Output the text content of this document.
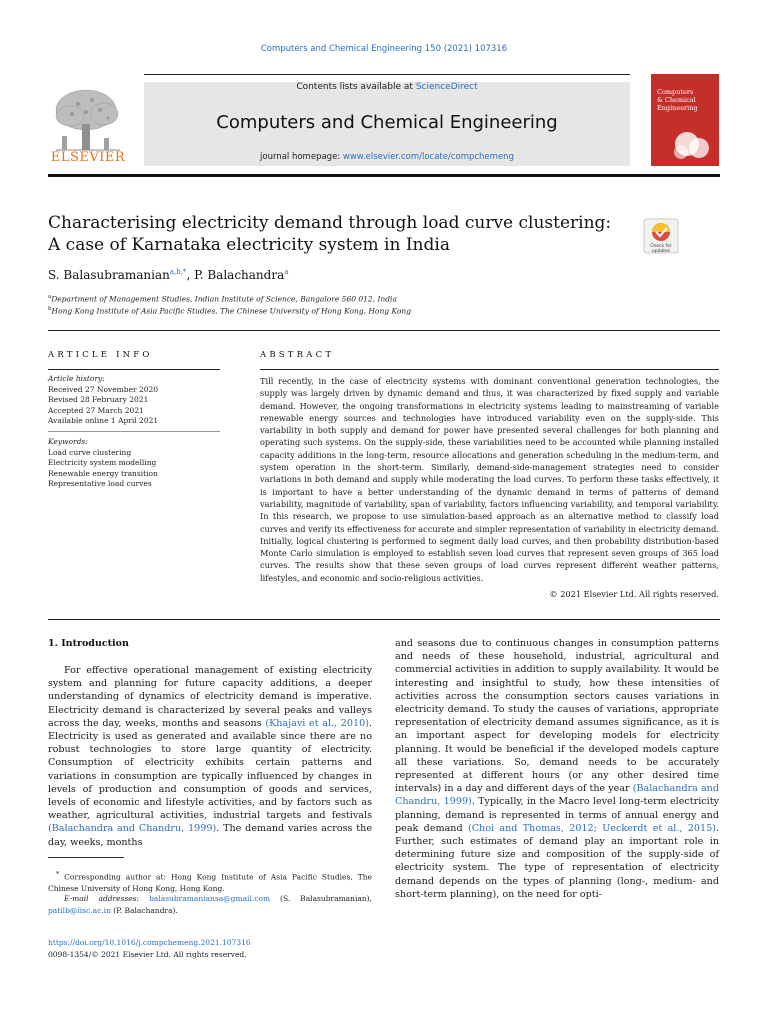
Computers and Chemical Engineering 150 (2021) 107316
Contents lists available at ScienceDirect
Computers and Chemical Engineering
journal homepage: www.elsevier.com/locate/compchemeng
ELSEVIER
Computers
& Chemical
Engineering
Characterising electricity demand through load curve clustering: A case of Karnataka electricity system in India	Check for
updates
S. Balasubramanian$^{a,b,*}$, P. Balachandra$^a$
$^a$Department of Management Studies, Indian Institute of Science, Bangalore 560 012, India
$^b$Hong Kong Institute of Asia Pacific Studies, The Chinese University of Hong Kong, Hong Kong
ARTICLE INFO
Article history:
Received 27 November 2020
Revised 28 February 2021
Accepted 27 March 2021
Available online 1 April 2021
Keywords:
Load curve clustering
Electricity system modelling
Renewable energy transition
Representative load curves
ABSTRACT
Till recently, in the case of electricity systems with dominant conventional generation technologies, the supply was largely driven by dynamic demand and thus, it was characterized by fixed supply and variable demand. However, the ongoing transformations in electricity systems leading to mainstreaming of variable renewable energy sources and technologies have introduced variability even on the supply-side. This variability in both supply and demand for power have presented several challenges for both planning and operating such systems. On the supply-side, these variabilities need to be accounted while planning installed capacity additions in the long-term, resource allocations and generation scheduling in the medium-term, and system operation in the short-term. Similarly, demand-side-management strategies need to consider variations in both demand and supply while moderating the load curves. To perform these tasks effectively, it is important to have a better understanding of the dynamic demand in terms of patterns of demand variability, magnitude of variability, span of variability, factors influencing variability, and temporal variability. In this research, we propose to use simulation-based approach as an alternative method to classify load curves and verify its effectiveness for accurate and simpler representation of variability in electricity demand. Initially, logical clustering is performed to segment daily load curves, and then probability distribution-based Monte Carlo simulation is employed to establish seven load curves that represent seven groups of 365 load curves. The results show that these seven groups of load curves represent different weather patterns, lifestyles, and economic and socio-religious activities.
© 2021 Elsevier Ltd. All rights reserved.
1. Introduction
For effective operational management of existing electricity system and planning for future capacity additions, a deeper understanding of dynamics of electricity demand is imperative. Electricity demand is characterized by several peaks and valleys across the day, weeks, months and seasons (Khajavi et al., 2010). Electricity is used as generated and available since there are no robust technologies to store large quantity of electricity. Consumption of electricity exhibits certain patterns and variations in consumption are typically influenced by changes in levels of production and consumption of goods and services, levels of economic and lifestyle activities, and by factors such as weather, agricultural activities, industrial targets and festivals (Balachandra and Chandru, 1999). The demand varies across the day, weeks, months
and seasons due to continuous changes in consumption patterns and needs of these household, industrial, agricultural and commercial activities in addition to supply availability. It would be interesting and insightful to study, how these intensities of activities across the consumption sectors causes variations in electricity demand. To study the causes of variations, appropriate representation of electricity demand assumes significance, as it is an important aspect for developing models for electricity planning. It would be beneficial if the developed models capture all these variations. So, demand needs to be accurately represented at different hours (or any other desired time intervals) in a day and different days of the year (Balachandra and Chandru, 1999). Typically, in the Macro level long-term electricity planning, demand is represented in terms of annual energy and peak demand (Choi and Thomas, 2012; Ueckerdt et al., 2015). Further, such estimates of demand play an important role in determining future size and composition of the supply-side of electricity system. The type of representation of electricity demand depends on the types of planning (long-, medium- and short-term planning), on the need for opti-
* Corresponding author at: Hong Kong Institute of Asia Pacific Studies, The Chinese University of Hong Kong, Hong Kong.
E-mail addresses: balasubramaniansa@gmail.com (S. Balasubramanian), patilb@iisc.ac.in (P. Balachandra).
https://doi.org/10.1016/j.compchemeng.2021.107316
0098-1354/© 2021 Elsevier Ltd. All rights reserved.
